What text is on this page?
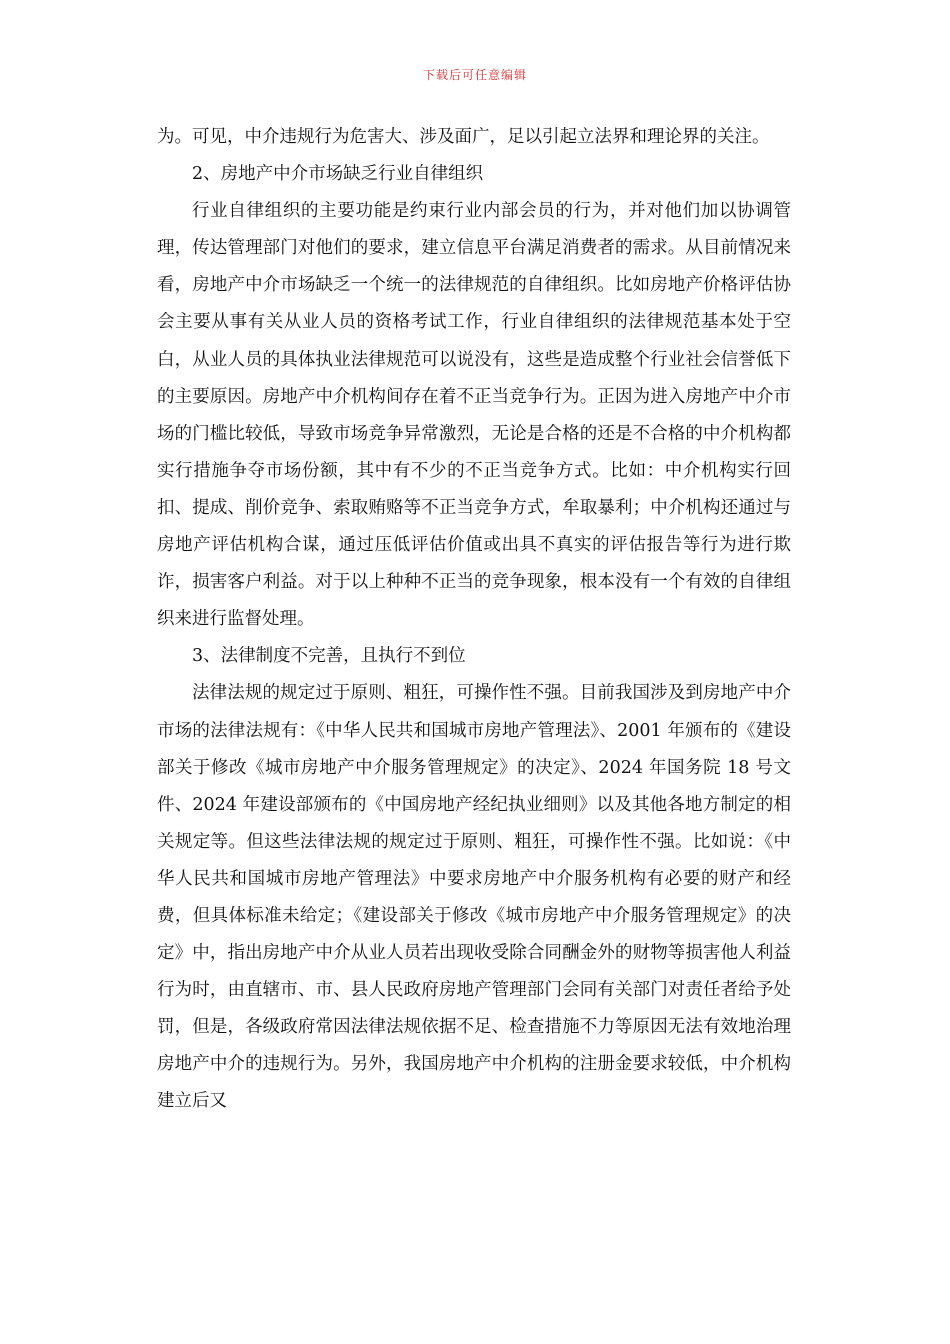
下载后可任意编辑

为。可见，中介违规行为危害大、涉及面广，足以引起立法界和理论界的关注。

2、房地产中介市场缺乏行业自律组织

行业自律组织的主要功能是约束行业内部会员的行为，并对他们加以协调管理，传达管理部门对他们的要求，建立信息平台满足消费者的需求。从目前情况来看，房地产中介市场缺乏一个统一的法律规范的自律组织。比如房地产价格评估协会主要从事有关从业人员的资格考试工作，行业自律组织的法律规范基本处于空白，从业人员的具体执业法律规范可以说没有，这些是造成整个行业社会信誉低下的主要原因。房地产中介机构间存在着不正当竞争行为。正因为进入房地产中介市场的门槛比较低，导致市场竞争异常激烈，无论是合格的还是不合格的中介机构都实行措施争夺市场份额，其中有不少的不正当竞争方式。比如：中介机构实行回扣、提成、削价竞争、索取贿赂等不正当竞争方式，牟取暴利；中介机构还通过与房地产评估机构合谋，通过压低评估价值或出具不真实的评估报告等行为进行欺诈，损害客户利益。对于以上种种不正当的竞争现象，根本没有一个有效的自律组织来进行监督处理。

3、法律制度不完善，且执行不到位

法律法规的规定过于原则、粗狂，可操作性不强。目前我国涉及到房地产中介市场的法律法规有：《中华人民共和国城市房地产管理法》、2001 年颁布的《建设部关于修改《城市房地产中介服务管理规定》的决定》、2024 年国务院 18 号文件、2024 年建设部颁布的《中国房地产经纪执业细则》以及其他各地方制定的相关规定等。但这些法律法规的规定过于原则、粗狂，可操作性不强。比如说：《中华人民共和国城市房地产管理法》中要求房地产中介服务机构有必要的财产和经费，但具体标准未给定；《建设部关于修改《城市房地产中介服务管理规定》的决定》中，指出房地产中介从业人员若出现收受除合同酬金外的财物等损害他人利益行为时，由直辖市、市、县人民政府房地产管理部门会同有关部门对责任者给予处罚，但是，各级政府常因法律法规依据不足、检查措施不力等原因无法有效地治理房地产中介的违规行为。另外，我国房地产中介机构的注册金要求较低，中介机构建立后又
